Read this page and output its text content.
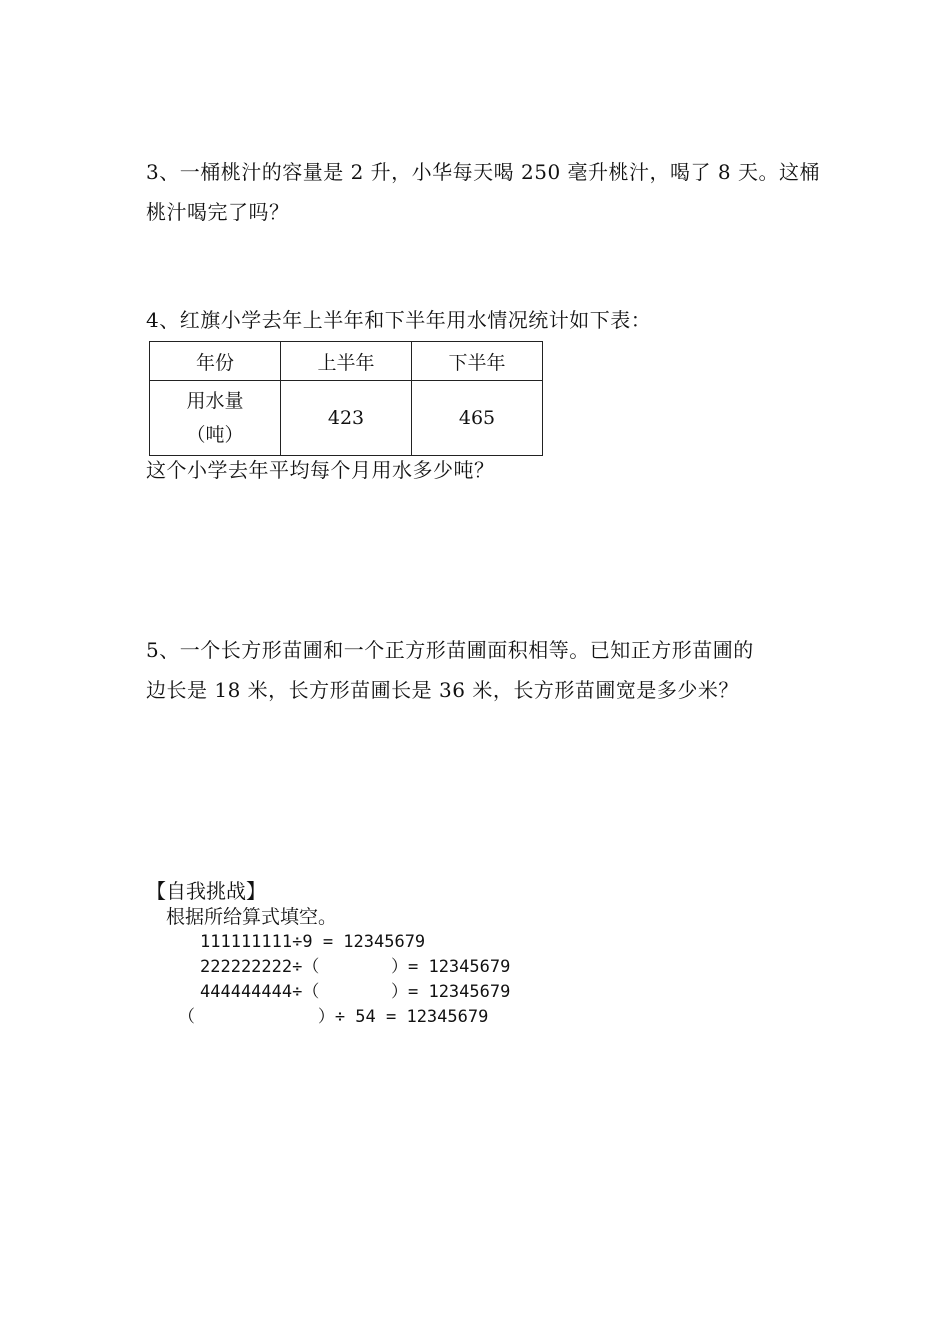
3、一桶桃汁的容量是 2 升，小华每天喝 250 毫升桃汁，喝了 8 天。这桶
桃汁喝完了吗？
4、红旗小学去年上半年和下半年用水情况统计如下表：
年份	上半年	下半年

用水量
（吨）	423	465
这个小学去年平均每个月用水多少吨？
5、一个长方形苗圃和一个正方形苗圃面积相等。已知正方形苗圃的
边长是 18 米，长方形苗圃长是 36 米，长方形苗圃宽是多少米？
【自我挑战】
根据所给算式填空。
111111111÷9 = 12345679
222222222÷（       ）= 12345679
444444444÷（       ）= 12345679
（            ）÷ 54 = 12345679
